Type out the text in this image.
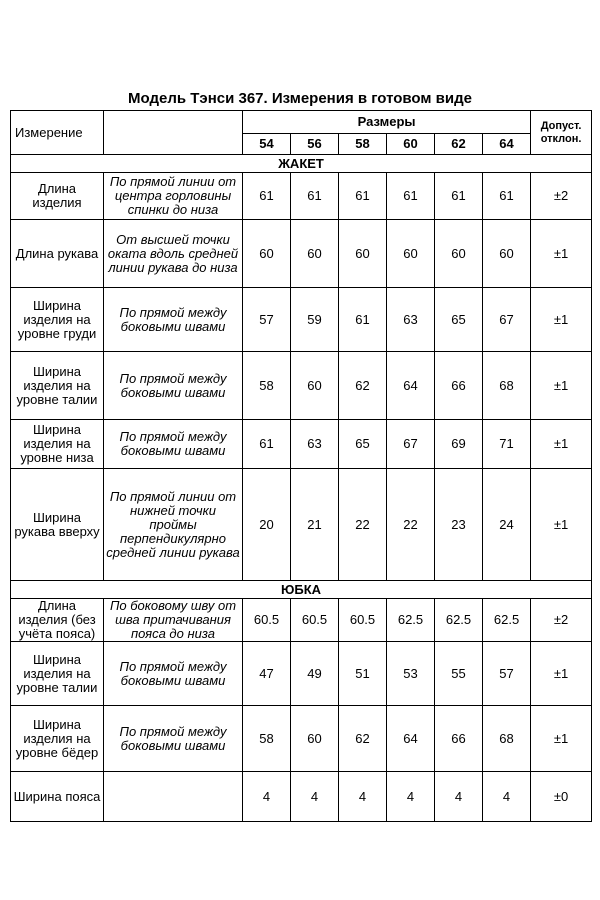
Модель Тэнси 367. Измерения в готовом виде
Измерение		Размеры						Допуст. отклон.
		54	56	58	60	62	64	
ЖАКЕТ								
Длина изделия	По прямой линии от центра горловины спинки до низа	61	61	61	61	61	61	±2
Длина рукава	От высшей точки оката вдоль средней линии рукава до низа	60	60	60	60	60	60	±1
Ширина изделия на уровне груди	По прямой между боковыми швами	57	59	61	63	65	67	±1
Ширина изделия на уровне талии	По прямой между боковыми швами	58	60	62	64	66	68	±1
Ширина изделия на уровне низа	По прямой между боковыми швами	61	63	65	67	69	71	±1
Ширина рукава вверху	По прямой линии от нижней точки проймы перпендикулярно средней линии рукава	20	21	22	22	23	24	±1
ЮБКА								
Длина изделия (без учёта пояса)	По боковому шву от шва притачивания пояса до низа	60.5	60.5	60.5	62.5	62.5	62.5	±2
Ширина изделия на уровне талии	По прямой между боковыми швами	47	49	51	53	55	57	±1
Ширина изделия на уровне бёдер	По прямой между боковыми швами	58	60	62	64	66	68	±1
Ширина пояса		4	4	4	4	4	4	±0
